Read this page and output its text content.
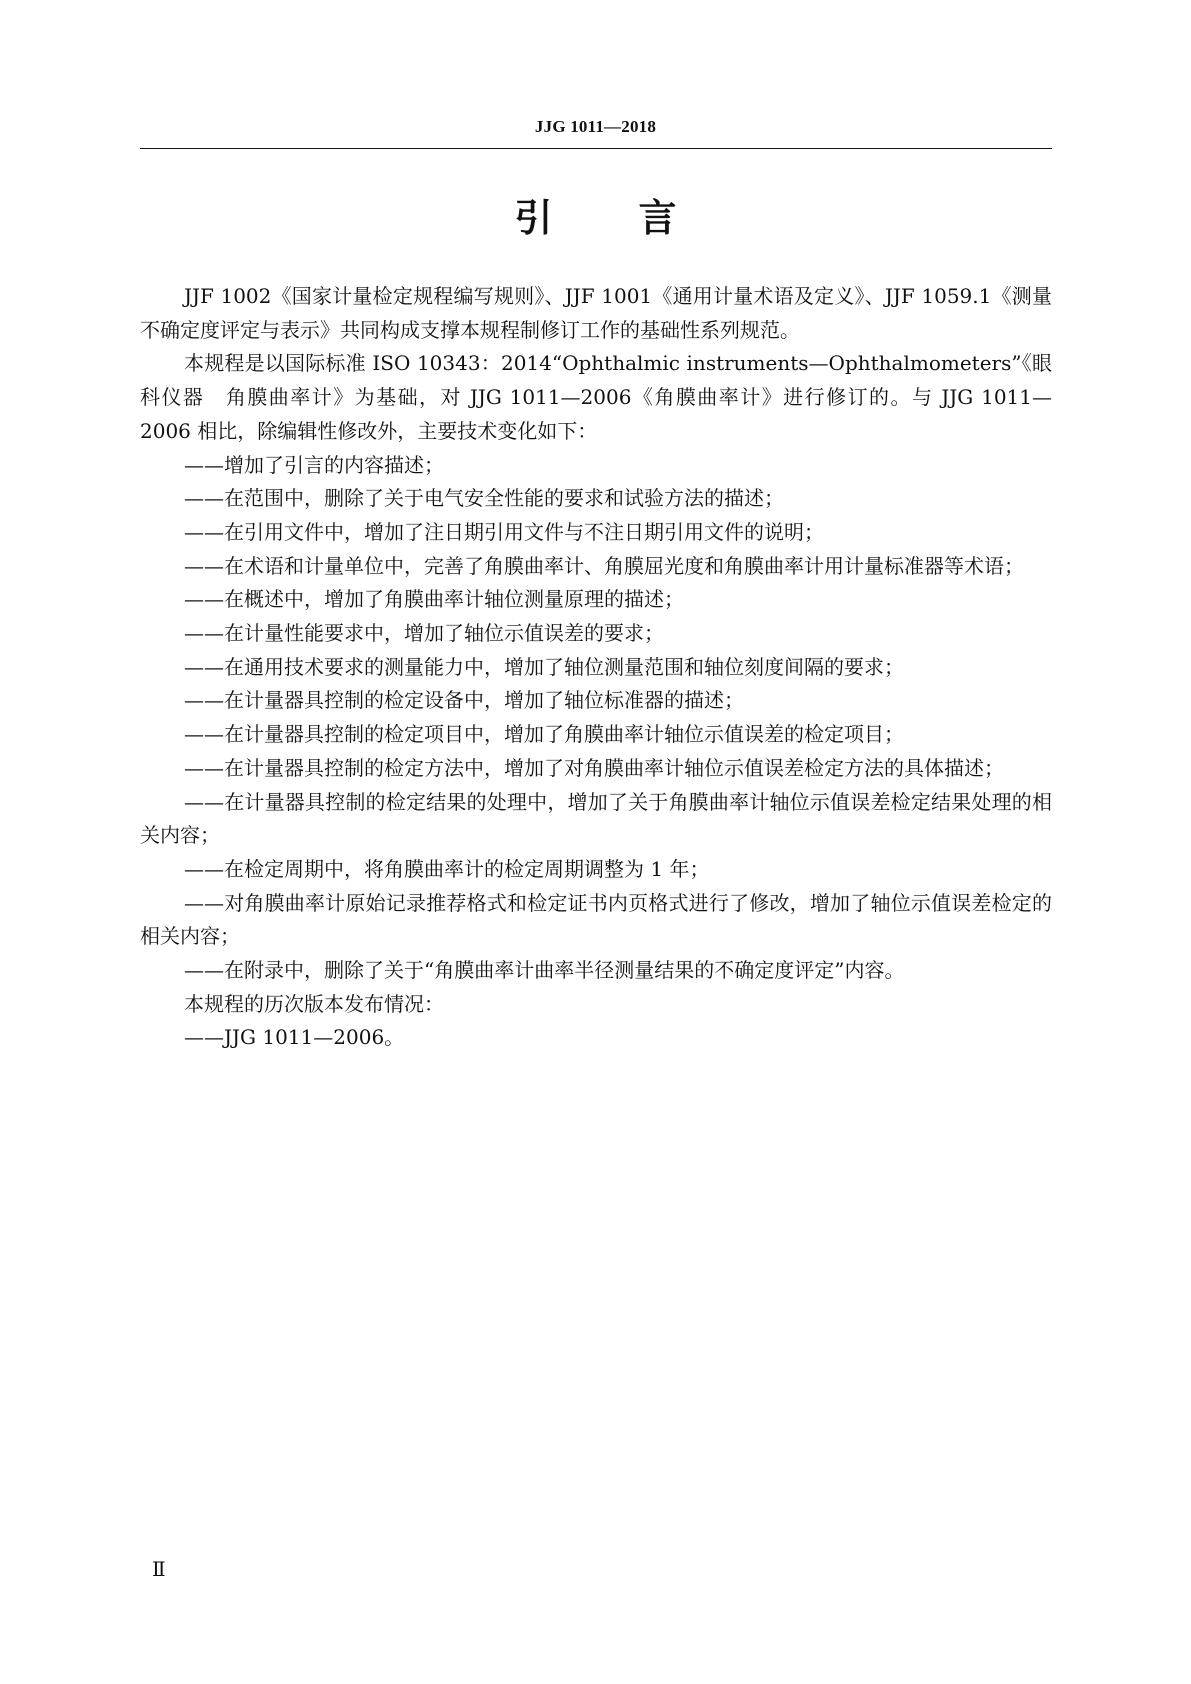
JJG 1011—2018
引 言

JJF 1002《国家计量检定规程编写规则》、JJF 1001《通用计量术语及定义》、JJF 1059.1《测量不确定度评定与表示》共同构成支撑本规程制修订工作的基础性系列规范。

本规程是以国际标准 ISO 10343：2014“Ophthalmic instruments—Ophthalmometers”《眼科仪器　角膜曲率计》为基础，对 JJG 1011—2006《角膜曲率计》进行修订的。与 JJG 1011—2006 相比，除编辑性修改外，主要技术变化如下：

——增加了引言的内容描述；

——在范围中，删除了关于电气安全性能的要求和试验方法的描述；

——在引用文件中，增加了注日期引用文件与不注日期引用文件的说明；

——在术语和计量单位中，完善了角膜曲率计、角膜屈光度和角膜曲率计用计量标准器等术语；

——在概述中，增加了角膜曲率计轴位测量原理的描述；

——在计量性能要求中，增加了轴位示值误差的要求；

——在通用技术要求的测量能力中，增加了轴位测量范围和轴位刻度间隔的要求；

——在计量器具控制的检定设备中，增加了轴位标准器的描述；

——在计量器具控制的检定项目中，增加了角膜曲率计轴位示值误差的检定项目；

——在计量器具控制的检定方法中，增加了对角膜曲率计轴位示值误差检定方法的具体描述；

——在计量器具控制的检定结果的处理中，增加了关于角膜曲率计轴位示值误差检定结果处理的相关内容；

——在检定周期中，将角膜曲率计的检定周期调整为 1 年；

——对角膜曲率计原始记录推荐格式和检定证书内页格式进行了修改，增加了轴位示值误差检定的相关内容；

——在附录中，删除了关于“角膜曲率计曲率半径测量结果的不确定度评定”内容。

本规程的历次版本发布情况：

——JJG 1011—2006。

Ⅱ
